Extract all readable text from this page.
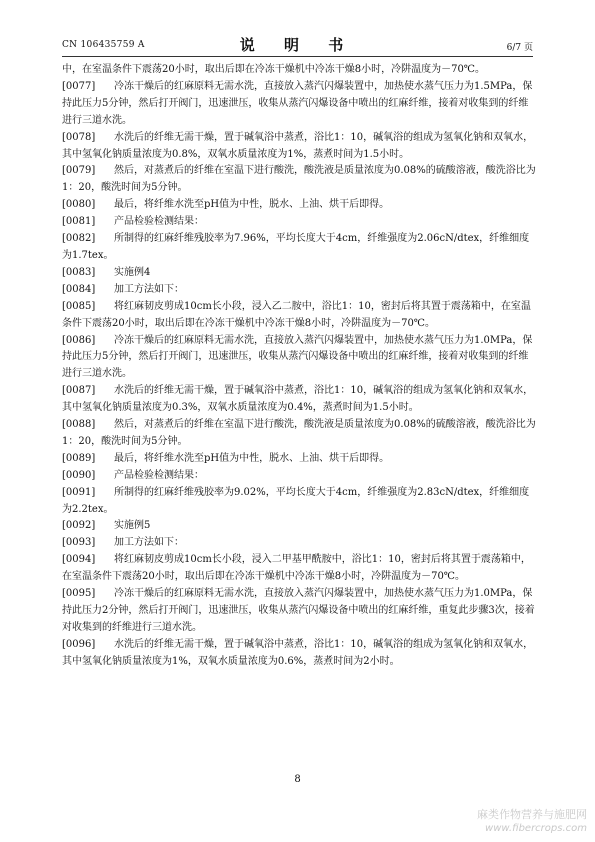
CN 106435759 A	说 明 书	6/7 页

中，在室温条件下震荡20小时，取出后即在冷冻干燥机中冷冻干燥8小时，冷阱温度为－70℃。

[0077] 冷冻干燥后的红麻原料无需水洗，直接放入蒸汽闪爆装置中，加热使水蒸气压力为1.5MPa，保持此压力5分钟，然后打开阀门，迅速泄压，收集从蒸汽闪爆设备中喷出的红麻纤维，接着对收集到的纤维进行三道水洗。

[0078] 水洗后的纤维无需干燥，置于碱氧浴中蒸煮，浴比1：10，碱氧浴的组成为氢氧化钠和双氧水，其中氢氧化钠质量浓度为0.8%，双氧水质量浓度为1%，蒸煮时间为1.5小时。

[0079] 然后，对蒸煮后的纤维在室温下进行酸洗，酸洗液是质量浓度为0.08%的硫酸溶液，酸洗浴比为1：20，酸洗时间为5分钟。

[0080] 最后，将纤维水洗至pH值为中性，脱水、上油、烘干后即得。

[0081] 产品检验检测结果：

[0082] 所制得的红麻纤维残胶率为7.96%，平均长度大于4cm，纤维强度为2.06cN/dtex，纤维细度为1.7tex。

[0083] 实施例4

[0084] 加工方法如下：

[0085] 将红麻韧皮剪成10cm长小段，浸入乙二胺中，浴比1：10，密封后将其置于震荡箱中，在室温条件下震荡20小时，取出后即在冷冻干燥机中冷冻干燥8小时，冷阱温度为－70℃。

[0086] 冷冻干燥后的红麻原料无需水洗，直接放入蒸汽闪爆装置中，加热使水蒸气压力为1.0MPa，保持此压力5分钟，然后打开阀门，迅速泄压，收集从蒸汽闪爆设备中喷出的红麻纤维，接着对收集到的纤维进行三道水洗。

[0087] 水洗后的纤维无需干燥，置于碱氧浴中蒸煮，浴比1：10，碱氧浴的组成为氢氧化钠和双氧水，其中氢氧化钠质量浓度为0.3%，双氧水质量浓度为0.4%，蒸煮时间为1.5小时。

[0088] 然后，对蒸煮后的纤维在室温下进行酸洗，酸洗液是质量浓度为0.08%的硫酸溶液，酸洗浴比为1：20，酸洗时间为5分钟。

[0089] 最后，将纤维水洗至pH值为中性，脱水、上油、烘干后即得。

[0090] 产品检验检测结果：

[0091] 所制得的红麻纤维残胶率为9.02%，平均长度大于4cm，纤维强度为2.83cN/dtex，纤维细度为2.2tex。

[0092] 实施例5

[0093] 加工方法如下：

[0094] 将红麻韧皮剪成10cm长小段，浸入二甲基甲酰胺中，浴比1：10，密封后将其置于震荡箱中，在室温条件下震荡20小时，取出后即在冷冻干燥机中冷冻干燥8小时，冷阱温度为－70℃。

[0095] 冷冻干燥后的红麻原料无需水洗，直接放入蒸汽闪爆装置中，加热使水蒸气压力为1.0MPa，保持此压力2分钟，然后打开阀门，迅速泄压，收集从蒸汽闪爆设备中喷出的红麻纤维，重复此步骤3次，接着对收集到的纤维进行三道水洗。

[0096] 水洗后的纤维无需干燥，置于碱氧浴中蒸煮，浴比1：10，碱氧浴的组成为氢氧化钠和双氧水，其中氢氧化钠质量浓度为1%，双氧水质量浓度为0.6%，蒸煮时间为2小时。

8
麻类作物营养与施肥网
www.fibercrops.com
